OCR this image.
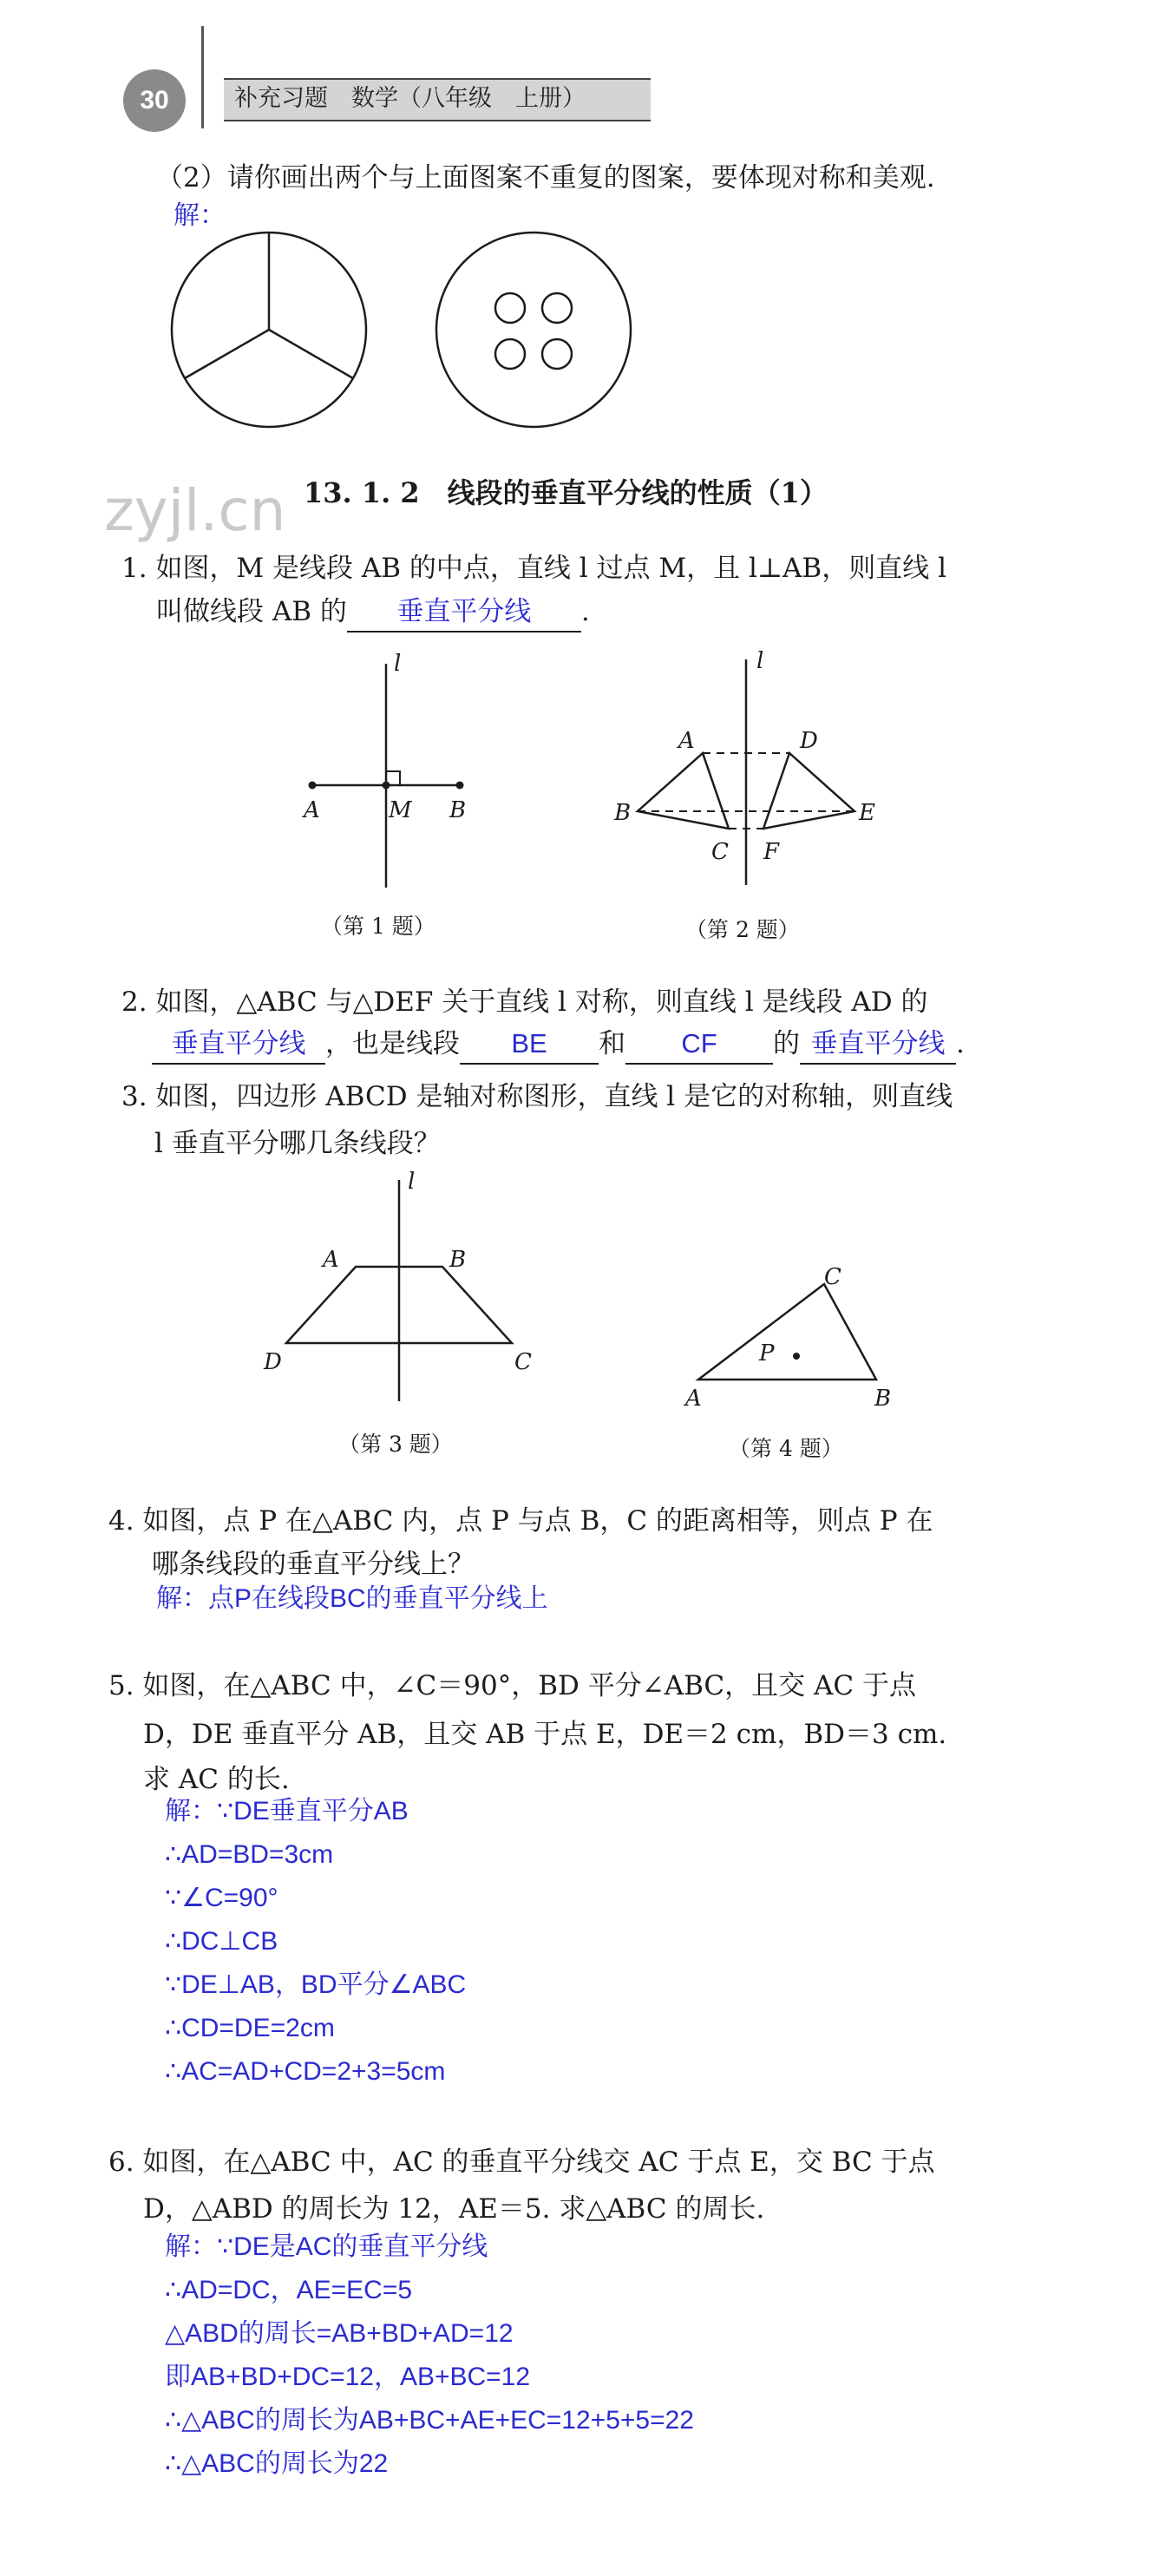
30	补充习题　数学（八年级　上册）
（2）请你画出两个与上面图案不重复的图案，要体现对称和美观.
解：
zyjl.cn 13. 1. 2　线段的垂直平分线的性质（1）
1. 如图，M 是线段 AB 的中点，直线 l 过点 M，且 l⊥AB，则直线 l
叫做线段 AB 的 垂直平分线 .
l
A	M B
（第 1 题）
A	D
B	E
C F
l
（第 2 题）
2. 如图，△ABC 与△DEF 关于直线 l 对称，则直线 l 是线段 AD 的
垂直平分线 ，也是线段 BE 和 CF 的 垂直平分线 .
3. 如图，四边形 ABCD 是轴对称图形，直线 l 是它的对称轴，则直线
l 垂直平分哪几条线段？
l
A	B
C
D
（第 3 题）
C
P
A	B
（第 4 题）
4. 如图，点 P 在△ABC 内，点 P 与点 B，C 的距离相等，则点 P 在
哪条线段的垂直平分线上？
解：点P在线段BC的垂直平分线上
5. 如图，在△ABC 中，∠C＝90°，BD 平分∠ABC，且交 AC 于点
D，DE 垂直平分 AB，且交 AB 于点 E，DE＝2 cm，BD＝3 cm.
求 AC 的长.
解：∵DE垂直平分AB
∴AD=BD=3cm
∵∠C=90°
∴DC⊥CB
∵DE⊥AB，BD平分∠ABC
∴CD=DE=2cm
∴AC=AD+CD=2+3=5cm
6. 如图，在△ABC 中，AC 的垂直平分线交 AC 于点 E，交 BC 于点
D，△ABD 的周长为 12，AE＝5. 求△ABC 的周长.
解：∵DE是AC的垂直平分线
∴AD=DC，AE=EC=5
△ABD的周长=AB+BD+AD=12
即AB+BD+DC=12，AB+BC=12
∴△ABC的周长为AB+BC+AE+EC=12+5+5=22
∴△ABC的周长为22
